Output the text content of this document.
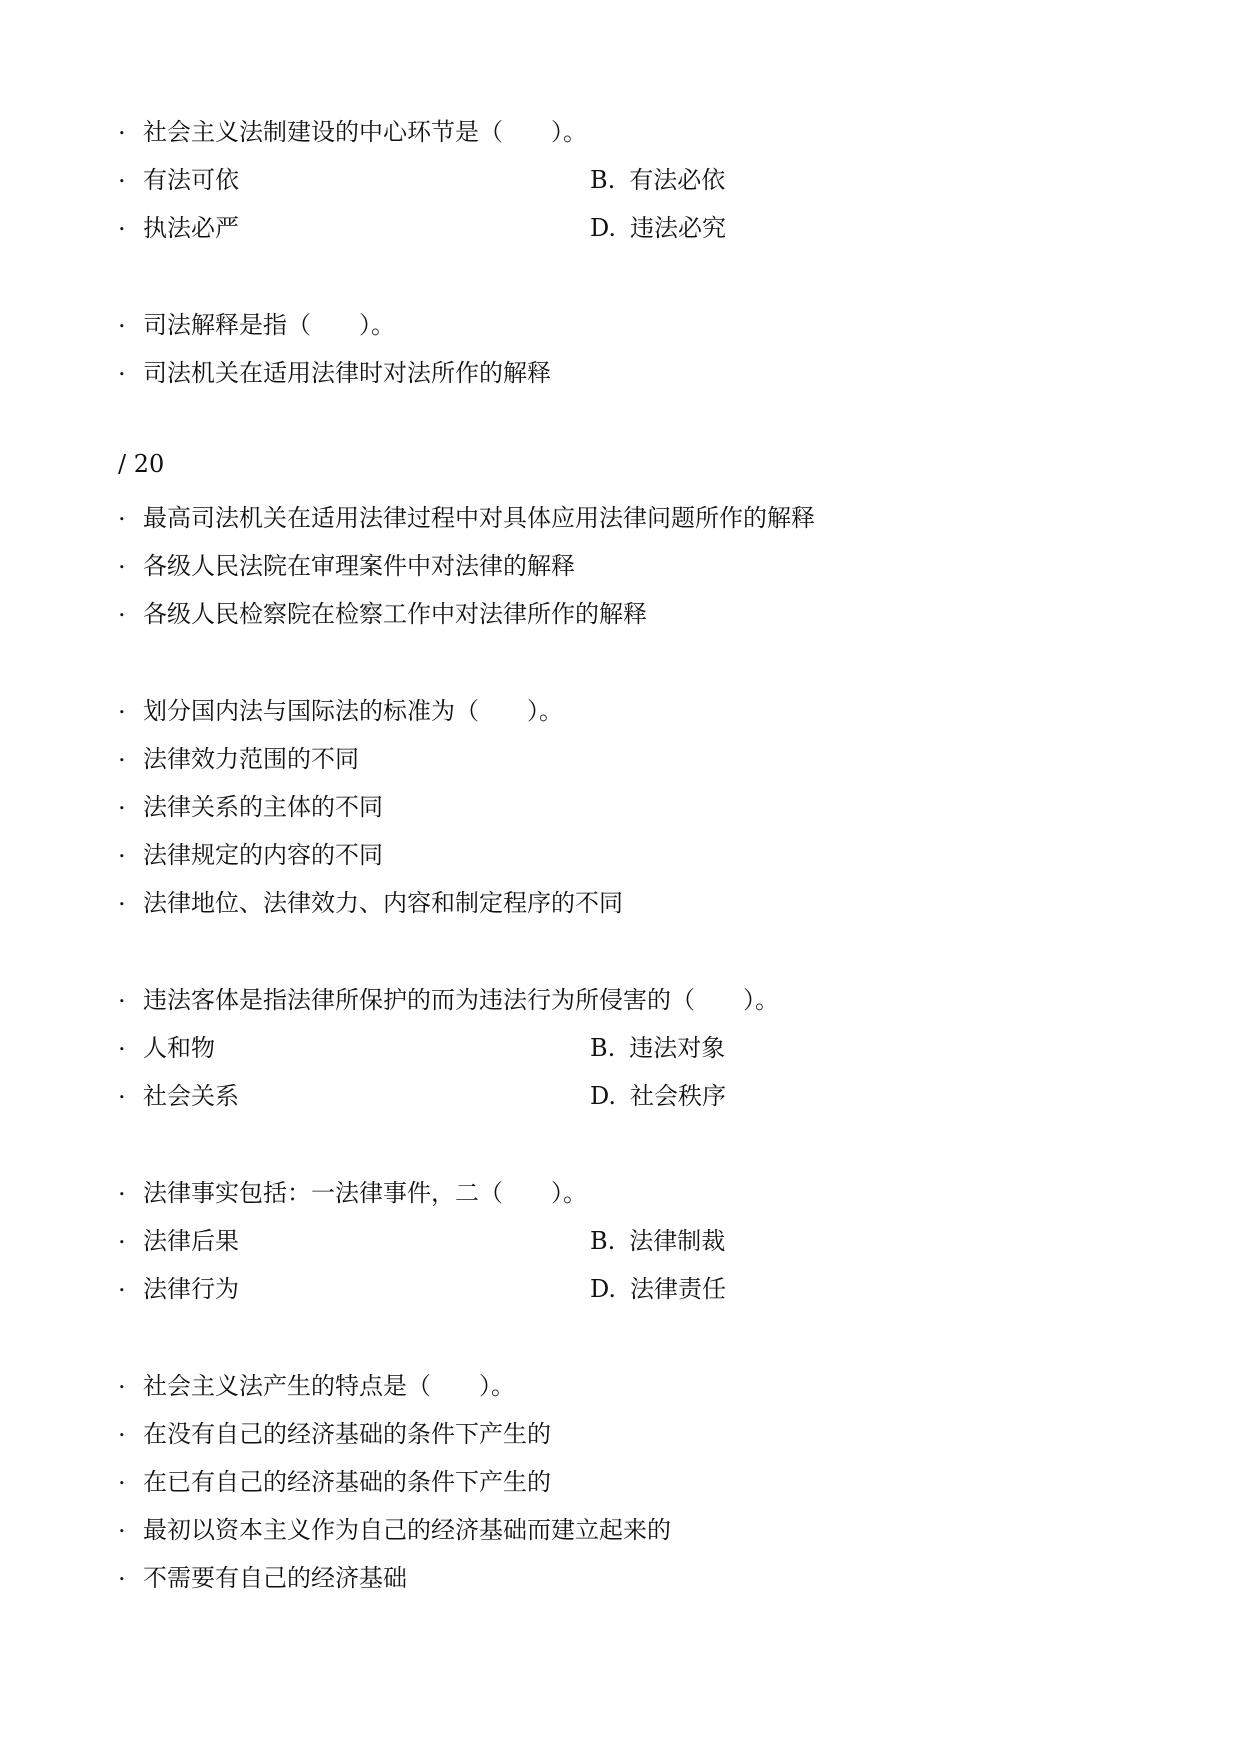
. 社会主义法制建设的中心环节是（　　）。
. 有法可依	B. 有法必依
. 执法必严	D. 违法必究
. 司法解释是指（　　）。
. 司法机关在适用法律时对法所作的解释
/ 20
. 最高司法机关在适用法律过程中对具体应用法律问题所作的解释
. 各级人民法院在审理案件中对法律的解释
. 各级人民检察院在检察工作中对法律所作的解释
. 划分国内法与国际法的标准为（　　）。
. 法律效力范围的不同
. 法律关系的主体的不同
. 法律规定的内容的不同
. 法律地位、法律效力、内容和制定程序的不同
. 违法客体是指法律所保护的而为违法行为所侵害的（　　）。
. 人和物	B. 违法对象
. 社会关系	D. 社会秩序
. 法律事实包括：一法律事件，二（　　）。
. 法律后果	B. 法律制裁
. 法律行为	D. 法律责任
. 社会主义法产生的特点是（　　）。
. 在没有自己的经济基础的条件下产生的
. 在已有自己的经济基础的条件下产生的
. 最初以资本主义作为自己的经济基础而建立起来的
. 不需要有自己的经济基础
